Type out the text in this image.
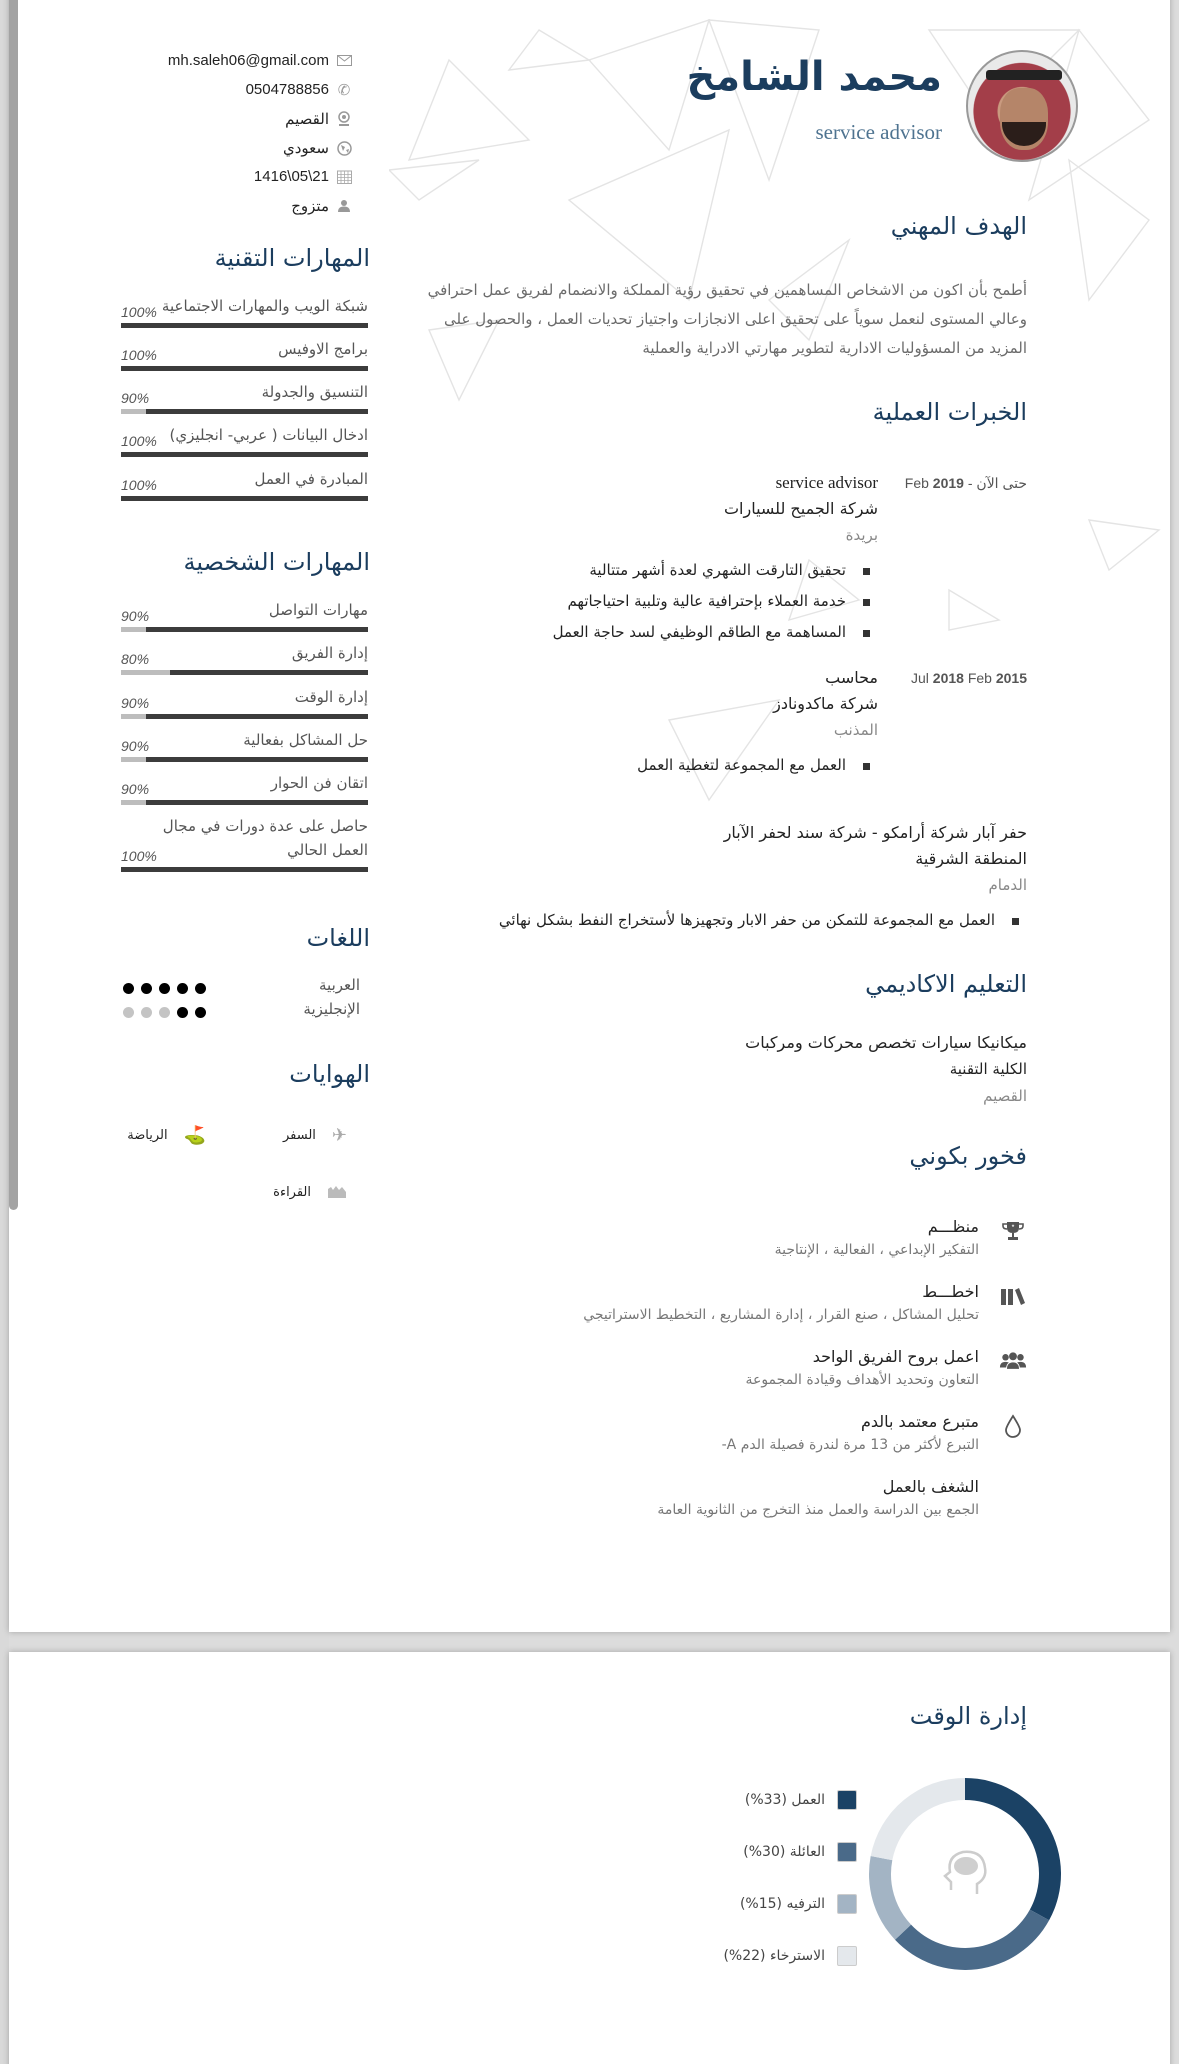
محمد الشامخ
service advisor
mh.saleh06@gmail.com
0504788856 ✆
القصيم
سعودي
1416\05\21
متزوج
المهارات التقنية
شبكة الويب والمهارات الاجتماعية
100%
برامج الاوفيس
100%
التنسيق والجدولة
90%
ادخال البيانات ( عربي- انجليزي)
100%
المبادرة في العمل
100%
المهارات الشخصية
مهارات التواصل
90%
إدارة الفريق
80%
إدارة الوقت
90%
حل المشاكل بفعالية
90%
اتقان فن الحوار
90%
حاصل على عدة دورات في مجال العمل الحالي
100%
اللغات
العربية
الإنجليزية
الهوايات
✈
السفر
⛳
الرياضة
القراءة
الهدف المهني
أطمح بأن اكون من الاشخاص المساهمين في تحقيق رؤية المملكة والانضمام لفريق عمل احترافي وعالي المستوى لنعمل سوياً على تحقيق اعلى الانجازات واجتياز تحديات العمل ، والحصول على المزيد من المسؤوليات الادارية لتطوير مهارتي الادراية والعملية
الخبرات العملية
Feb 2019 - حتى الآن
service advisor
شركة الجميح للسيارات
بريدة
تحقيق التارقت الشهري لعدة أشهر متتالية
خدمة العملاء بإحترافية عالية وتلبية احتياجاتهم
المساهمة مع الطاقم الوظيفي لسد حاجة العمل
Jul 2018 Feb 2015
محاسب
شركة ماكدونادز
المذنب
العمل مع المجموعة لتغطية العمل
حفر آبار شركة أرامكو - شركة سند لحفر الآبار
المنطقة الشرقية
الدمام
العمل مع المجموعة للتمكن من حفر الابار وتجهيزها لأستخراج النفط بشكل نهائي
التعليم الاكاديمي
ميكانيكا سيارات تخصص محركات ومركبات
الكلية التقنية
القصيم
فخور بكوني
منظـــم
التفكير الإبداعي ، الفعالية ، الإنتاجية
اخطـــط
تحليل المشاكل ، صنع القرار ، إدارة المشاريع ، التخطيط الاستراتيجي
اعمل بروح الفريق الواحد
التعاون وتحديد الأهداف وقيادة المجموعة
متبرع معتمد بالدم
التبرع لأكثر من 13 مرة لندرة فصيلة الدم A-
الشغف بالعمل
الجمع بين الدراسة والعمل منذ التخرج من الثانوية العامة
إدارة الوقت
العمل (33%)
العائلة (30%)
الترفيه (15%)
الاسترخاء (22%)
